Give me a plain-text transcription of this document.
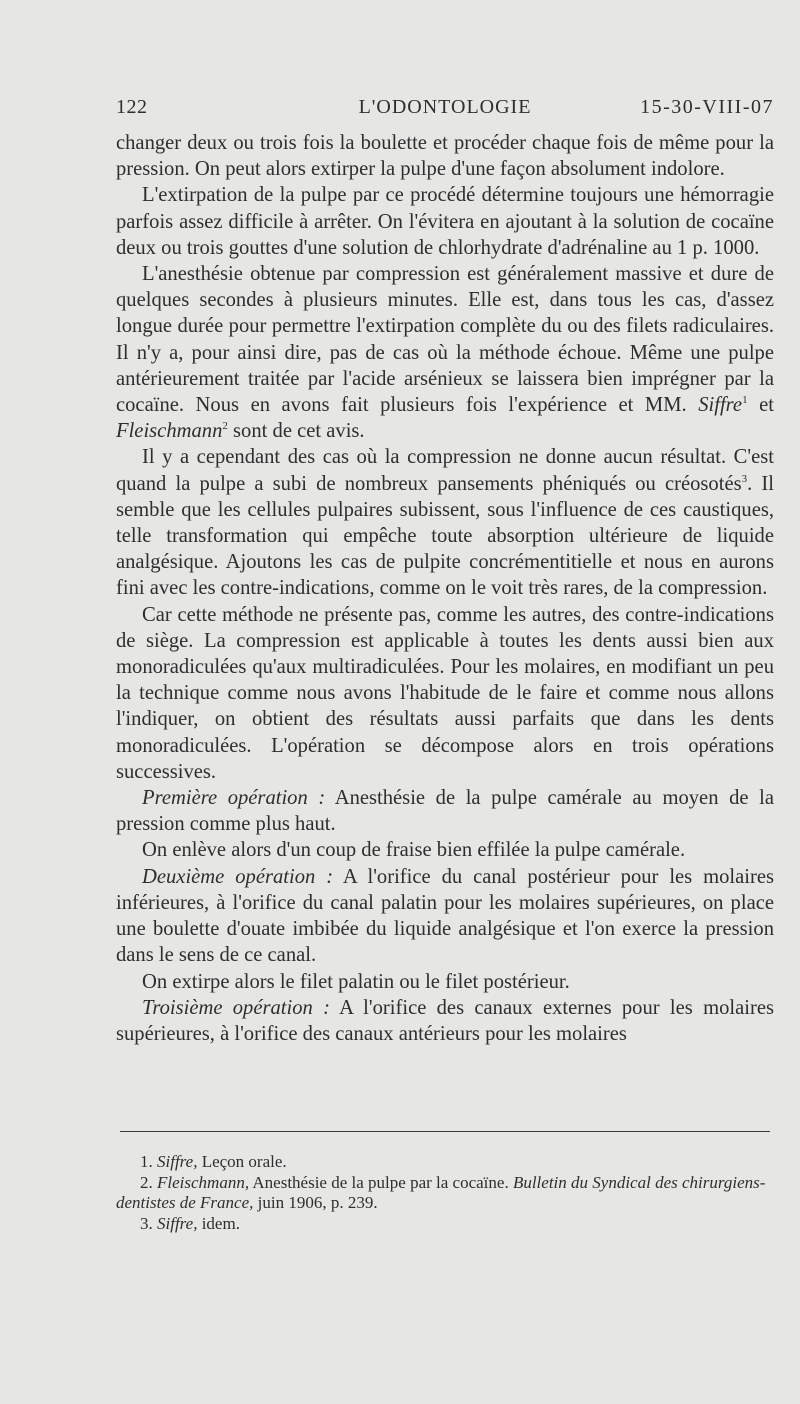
122	L'ODONTOLOGIE	15-30-VIII-07

changer deux ou trois fois la boulette et procéder chaque fois de même pour la pression. On peut alors extirper la pulpe d'une façon absolument indolore.

L'extirpation de la pulpe par ce procédé détermine toujours une hémorragie parfois assez difficile à arrêter. On l'évitera en ajoutant à la solution de cocaïne deux ou trois gouttes d'une solution de chlorhydrate d'adrénaline au 1 p. 1000.

L'anesthésie obtenue par compression est généralement massive et dure de quelques secondes à plusieurs minutes. Elle est, dans tous les cas, d'assez longue durée pour permettre l'extirpation complète du ou des filets radiculaires. Il n'y a, pour ainsi dire, pas de cas où la méthode échoue. Même une pulpe antérieurement traitée par l'acide arsénieux se laissera bien imprégner par la cocaïne. Nous en avons fait plusieurs fois l'expérience et MM. Siffre$^1$ et Fleischmann$^2$ sont de cet avis.

Il y a cependant des cas où la compression ne donne aucun résultat. C'est quand la pulpe a subi de nombreux pansements phéniqués ou créosotés$^3$. Il semble que les cellules pulpaires subissent, sous l'influence de ces caustiques, telle transformation qui empêche toute absorption ultérieure de liquide analgésique. Ajoutons les cas de pulpite concrémentitielle et nous en aurons fini avec les contre-indications, comme on le voit très rares, de la compression.

Car cette méthode ne présente pas, comme les autres, des contre-indications de siège. La compression est applicable à toutes les dents aussi bien aux monoradiculées qu'aux multiradiculées. Pour les molaires, en modifiant un peu la technique comme nous avons l'habitude de le faire et comme nous allons l'indiquer, on obtient des résultats aussi parfaits que dans les dents monoradiculées. L'opération se décompose alors en trois opérations successives.

Première opération : Anesthésie de la pulpe camérale au moyen de la pression comme plus haut.

On enlève alors d'un coup de fraise bien effilée la pulpe camérale.

Deuxième opération : A l'orifice du canal postérieur pour les molaires inférieures, à l'orifice du canal palatin pour les molaires supérieures, on place une boulette d'ouate imbibée du liquide analgésique et l'on exerce la pression dans le sens de ce canal.

On extirpe alors le filet palatin ou le filet postérieur.

Troisième opération : A l'orifice des canaux externes pour les molaires supérieures, à l'orifice des canaux antérieurs pour les molaires

1. Siffre, Leçon orale.

2. Fleischmann, Anesthésie de la pulpe par la cocaïne. Bulletin du Syndical des chirurgiens-dentistes de France, juin 1906, p. 239.

3. Siffre, idem.
